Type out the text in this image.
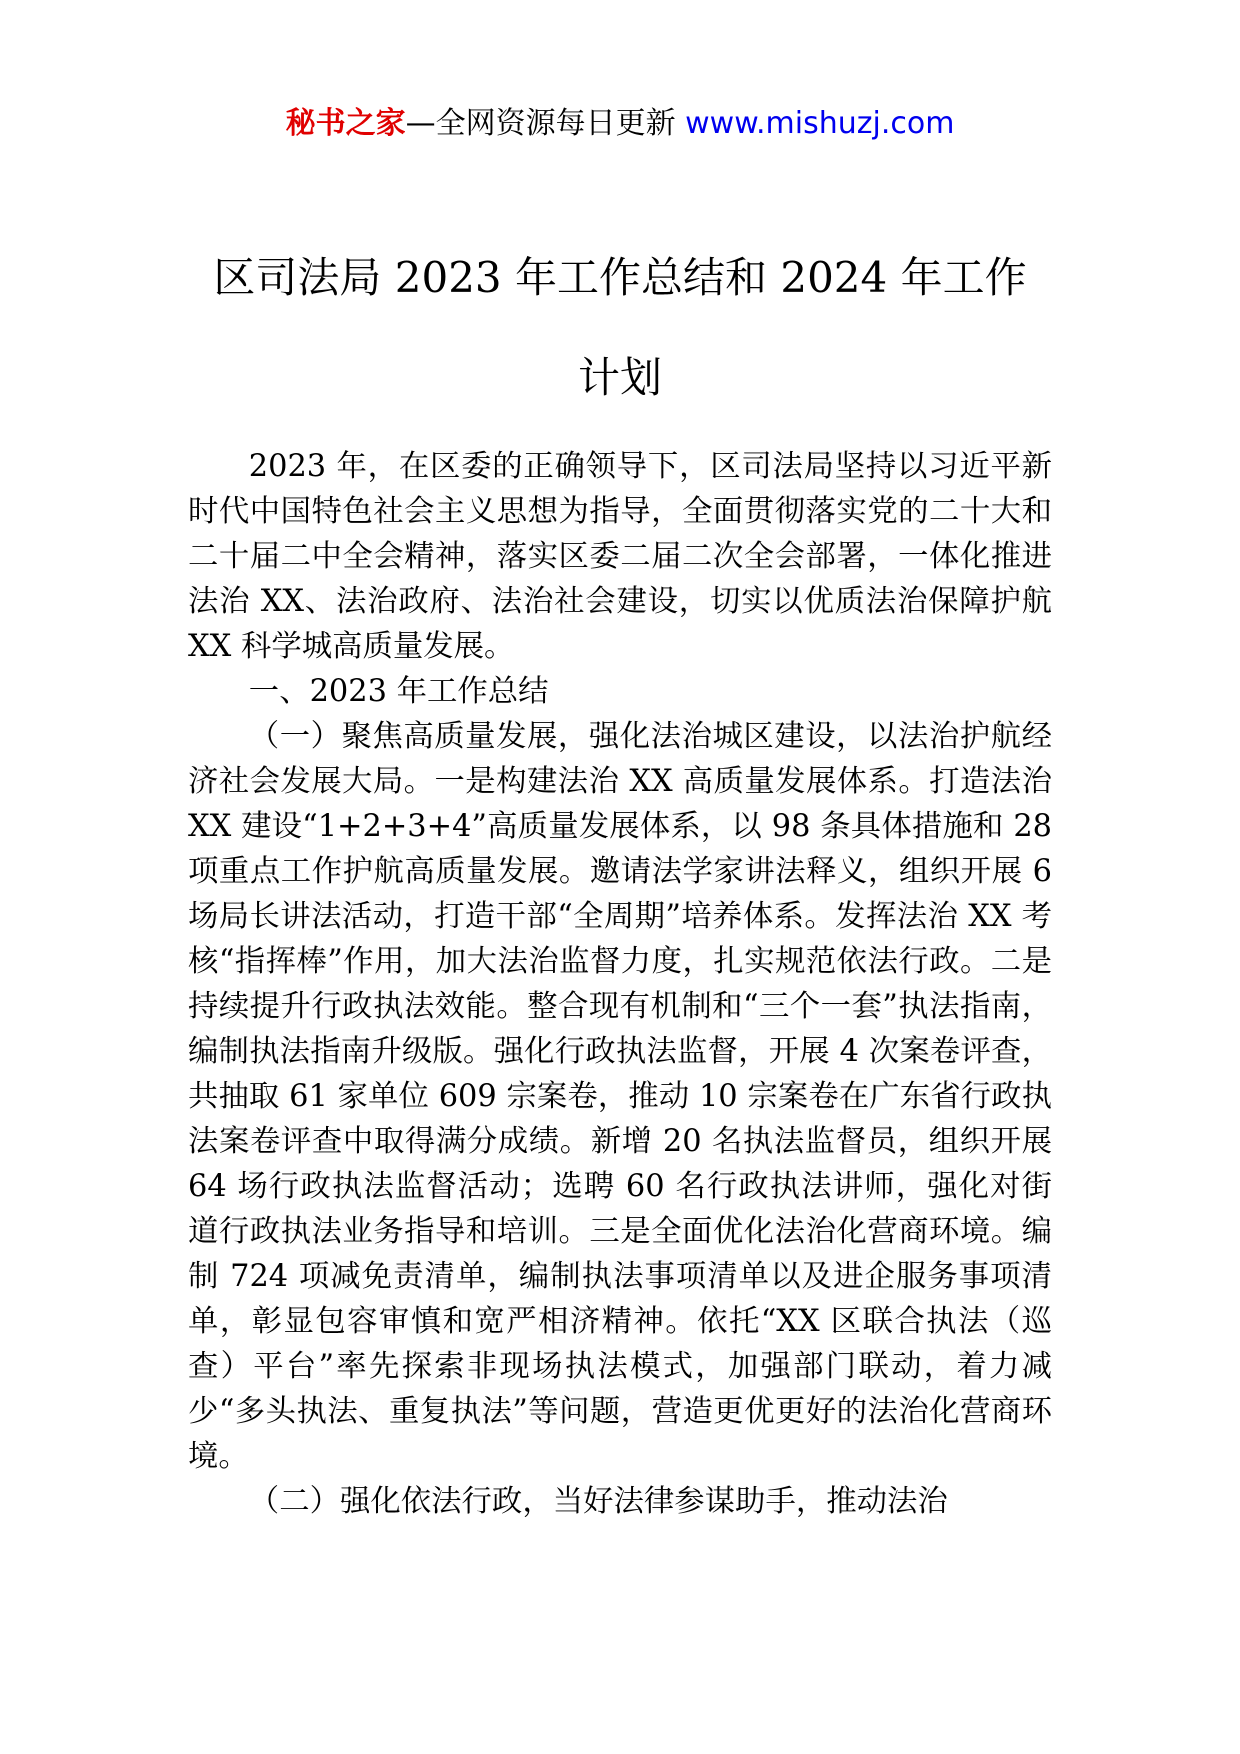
秘书之家—全网资源每日更新 www.mishuzj.com
区司法局 2023 年工作总结和 2024 年工作
计划

2023 年，在区委的正确领导下，区司法局坚持以习近平新时代中国特色社会主义思想为指导，全面贯彻落实党的二十大和二十届二中全会精神，落实区委二届二次全会部署，一体化推进法治 XX、法治政府、法治社会建设，切实以优质法治保障护航 XX 科学城高质量发展。

一、2023 年工作总结

（一）聚焦高质量发展，强化法治城区建设，以法治护航经济社会发展大局。一是构建法治 XX 高质量发展体系。打造法治 XX 建设“1+2+3+4”高质量发展体系，以 98 条具体措施和 28 项重点工作护航高质量发展。邀请法学家讲法释义，组织开展 6 场局长讲法活动，打造干部“全周期”培养体系。发挥法治 XX 考核“指挥棒”作用，加大法治监督力度，扎实规范依法行政。二是持续提升行政执法效能。整合现有机制和“三个一套”执法指南，编制执法指南升级版。强化行政执法监督，开展 4 次案卷评查，共抽取 61 家单位 609 宗案卷，推动 10 宗案卷在广东省行政执法案卷评查中取得满分成绩。新增 20 名执法监督员，组织开展 64 场行政执法监督活动；选聘 60 名行政执法讲师，强化对街道行政执法业务指导和培训。三是全面优化法治化营商环境。编制 724 项减免责清单，编制执法事项清单以及进企服务事项清单，彰显包容审慎和宽严相济精神。依托“XX 区联合执法（巡查）平台”率先探索非现场执法模式，加强部门联动，着力减少“多头执法、重复执法”等问题，营造更优更好的法治化营商环境。

（二）强化依法行政，当好法律参谋助手，推动法治
